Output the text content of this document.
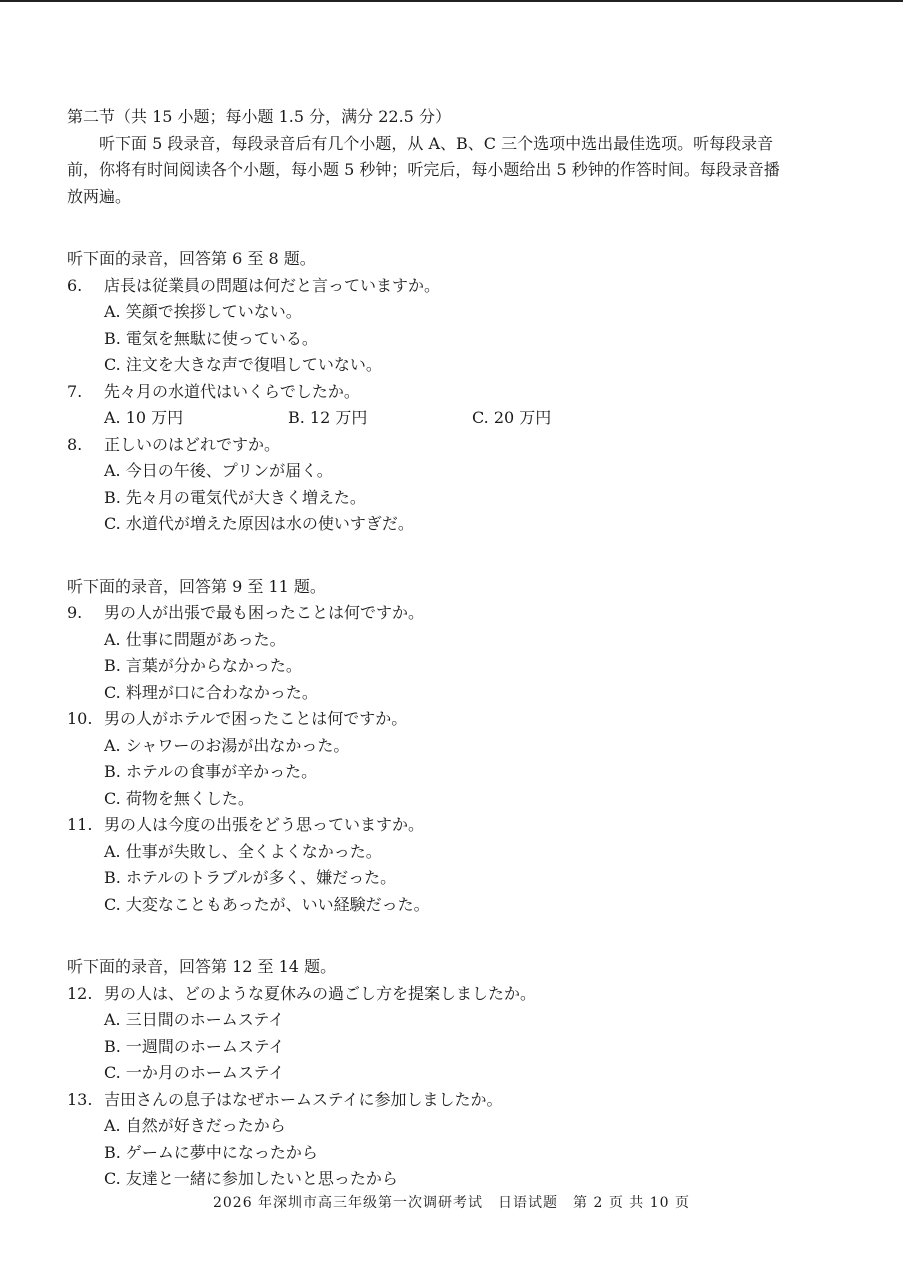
第二节（共 15 小题；每小题 1.5 分，满分 22.5 分）
听下面 5 段录音，每段录音后有几个小题，从 A、B、C 三个选项中选出最佳选项。听每段录音前，你将有时间阅读各个小题，每小题 5 秒钟；听完后，每小题给出 5 秒钟的作答时间。每段录音播放两遍。
听下面的录音，回答第 6 至 8 题。
6.	店長は従業員の問題は何だと言っていますか。
A. 笑顔で挨拶していない。
B. 電気を無駄に使っている。
C. 注文を大きな声で復唱していない。
7.	先々月の水道代はいくらでしたか。
A. 10 万円	B. 12 万円	C. 20 万円
8.	正しいのはどれですか。
A. 今日の午後、プリンが届く。
B. 先々月の電気代が大きく増えた。
C. 水道代が増えた原因は水の使いすぎだ。
听下面的录音，回答第 9 至 11 题。
9.	男の人が出張で最も困ったことは何ですか。
A. 仕事に問題があった。
B. 言葉が分からなかった。
C. 料理が口に合わなかった。
10. 男の人がホテルで困ったことは何ですか。
A. シャワーのお湯が出なかった。
B. ホテルの食事が辛かった。
C. 荷物を無くした。
11. 男の人は今度の出張をどう思っていますか。
A. 仕事が失敗し、全くよくなかった。
B. ホテルのトラブルが多く、嫌だった。
C. 大変なこともあったが、いい経験だった。
听下面的录音，回答第 12 至 14 题。
12. 男の人は、どのような夏休みの過ごし方を提案しましたか。
A. 三日間のホームステイ
B. 一週間のホームステイ
C. 一か月のホームステイ
13. 吉田さんの息子はなぜホームステイに参加しましたか。
A. 自然が好きだったから
B. ゲームに夢中になったから
C. 友達と一緒に参加したいと思ったから
2026 年深圳市高三年级第一次调研考试　日语试题　第 2 页 共 10 页
